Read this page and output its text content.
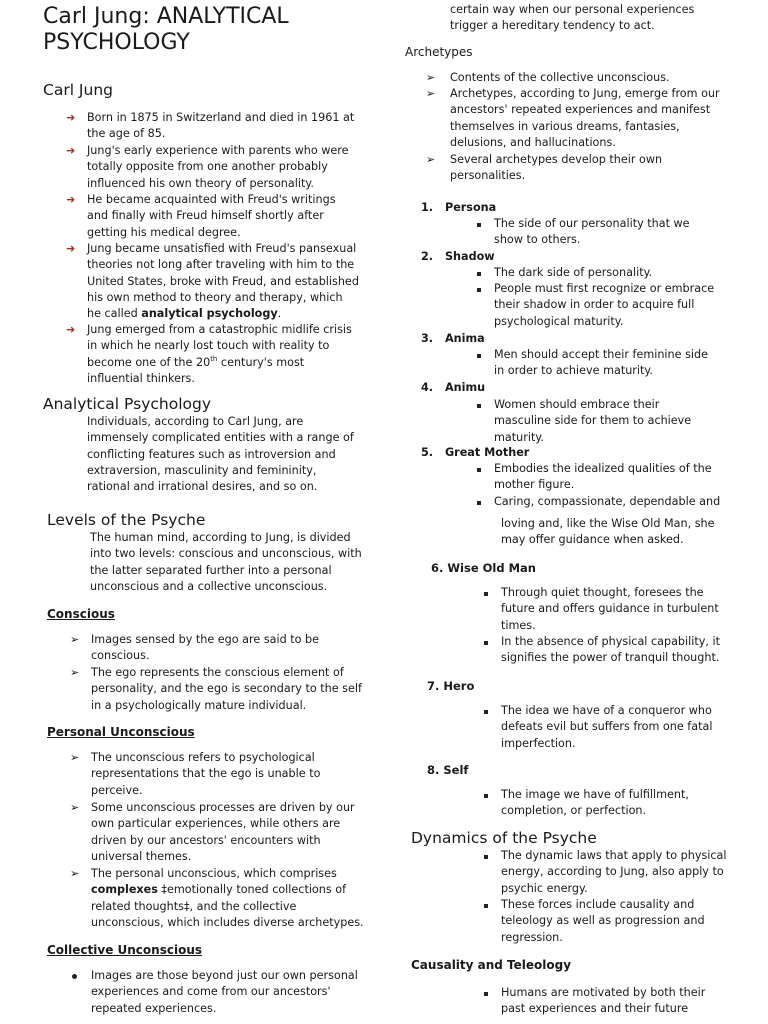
Carl Jung: ANALYTICAL
PSYCHOLOGY
Carl Jung
➜ Born in 1875 in Switzerland and died in 1961 at
the age of 85.
➜ Jung's early experience with parents who were
totally opposite from one another probably
influenced his own theory of personality.
➜ He became acquainted with Freud's writings
and finally with Freud himself shortly after
getting his medical degree.
➜ Jung became unsatisfied with Freud's pansexual
theories not long after traveling with him to the
United States, broke with Freud, and established
his own method to theory and therapy, which
he called analytical psychology.
➜ Jung emerged from a catastrophic midlife crisis
in which he nearly lost touch with reality to
become one of the 20th century's most
influential thinkers.
Analytical Psychology
Individuals, according to Carl Jung, are
immensely complicated entities with a range of
conflicting features such as introversion and
extraversion, masculinity and femininity,
rational and irrational desires, and so on.
Levels of the Psyche
The human mind, according to Jung, is divided
into two levels: conscious and unconscious, with
the latter separated further into a personal
unconscious and a collective unconscious.
Conscious
➢ Images sensed by the ego are said to be
conscious.
➢ The ego represents the conscious element of
personality, and the ego is secondary to the self
in a psychologically mature individual.
Personal Unconscious
➢ The unconscious refers to psychological
representations that the ego is unable to
perceive.
➢ Some unconscious processes are driven by our
own particular experiences, while others are
driven by our ancestors' encounters with
universal themes.
➢ The personal unconscious, which comprises
complexes ‡emotionally toned collections of
related thoughts‡, and the collective
unconscious, which includes diverse archetypes.
Collective Unconscious
Images are those beyond just our own personal
experiences and come from our ancestors'
repeated experiences.
certain way when our personal experiences
trigger a hereditary tendency to act.
Archetypes
➢ Contents of the collective unconscious.
➢ Archetypes, according to Jung, emerge from our
ancestors' repeated experiences and manifest
themselves in various dreams, fantasies,
delusions, and hallucinations.
➢ Several archetypes develop their own
personalities.
1. Persona
The side of our personality that we
show to others.
2. Shadow
The dark side of personality.
People must first recognize or embrace
their shadow in order to acquire full
psychological maturity.
3. Anima
Men should accept their feminine side
in order to achieve maturity.
4. Animu
Women should embrace their
masculine side for them to achieve
maturity.
5. Great Mother
Embodies the idealized qualities of the
mother figure.
Caring, compassionate, dependable and
loving and, like the Wise Old Man, she
may offer guidance when asked.
6. Wise Old Man
Through quiet thought, foresees the
future and offers guidance in turbulent
times.
In the absence of physical capability, it
signifies the power of tranquil thought.
7. Hero
The idea we have of a conqueror who
defeats evil but suffers from one fatal
imperfection.
8. Self
The image we have of fulfillment,
completion, or perfection.
Dynamics of the Psyche
The dynamic laws that apply to physical
energy, according to Jung, also apply to
psychic energy.
These forces include causality and
teleology as well as progression and
regression.
Causality and Teleology
Humans are motivated by both their
past experiences and their future
